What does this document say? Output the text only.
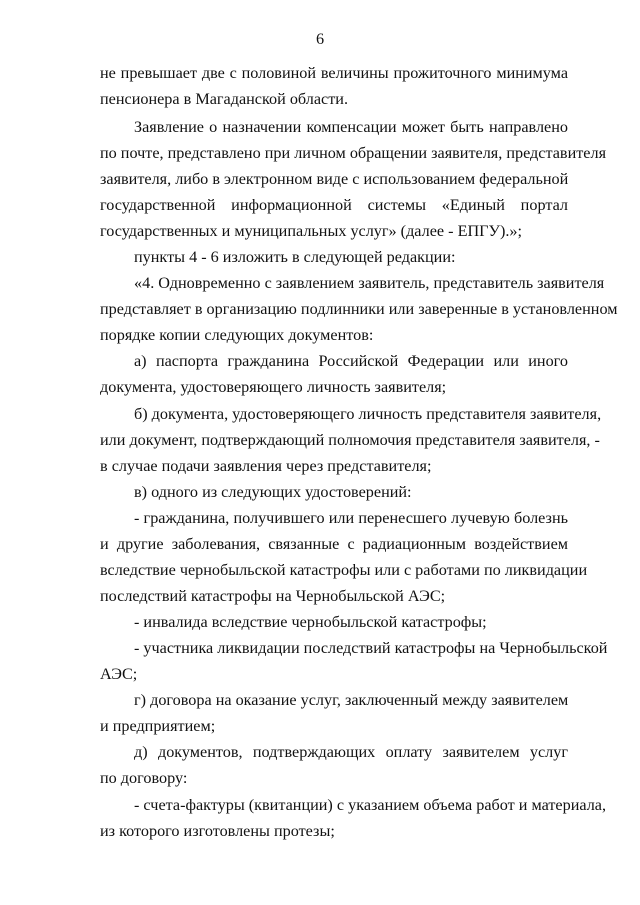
6
не превышает две с половиной величины прожиточного минимума
пенсионера в Магаданской области.
Заявление о назначении компенсации может быть направлено
по почте, представлено при личном обращении заявителя, представителя
заявителя, либо в электронном виде с использованием федеральной
государственной информационной системы «Единый портал
государственных и муниципальных услуг» (далее - ЕПГУ).»;
пункты 4 - 6 изложить в следующей редакции:
«4. Одновременно с заявлением заявитель, представитель заявителя
представляет в организацию подлинники или заверенные в установленном
порядке копии следующих документов:
а) паспорта гражданина Российской Федерации или иного
документа, удостоверяющего личность заявителя;
б) документа, удостоверяющего личность представителя заявителя,
или документ, подтверждающий полномочия представителя заявителя, -
в случае подачи заявления через представителя;
в) одного из следующих удостоверений:
- гражданина, получившего или перенесшего лучевую болезнь
и другие заболевания, связанные с радиационным воздействием
вследствие чернобыльской катастрофы или с работами по ликвидации
последствий катастрофы на Чернобыльской АЭС;
- инвалида вследствие чернобыльской катастрофы;
- участника ликвидации последствий катастрофы на Чернобыльской
АЭС;
г) договора на оказание услуг, заключенный между заявителем
и предприятием;
д) документов, подтверждающих оплату заявителем услуг
по договору:
- счета-фактуры (квитанции) с указанием объема работ и материала,
из которого изготовлены протезы;
